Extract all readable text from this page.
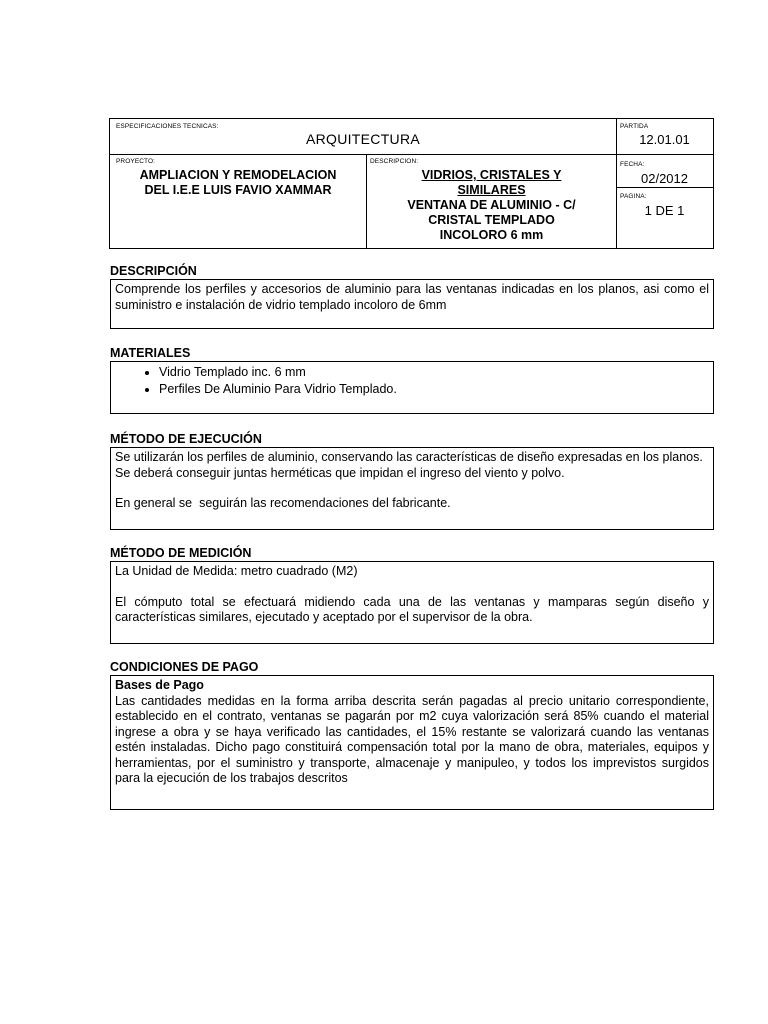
ESPECIFICACIONES TECNICAS:
ARQUITECTURA
PARTIDA
12.01.01
PROYECTO:
AMPLIACION Y REMODELACION
DEL I.E.E LUIS FAVIO XAMMAR
DESCRIPCION:
VIDRIOS, CRISTALES Y
SIMILARES
VENTANA DE ALUMINIO - C/
CRISTAL TEMPLADO
INCOLORO 6 mm
FECHA:
02/2012
PAGINA:
1 DE 1
DESCRIPCIÓN
Comprende los perfiles y accesorios de aluminio para las ventanas indicadas en los planos, asi como el suministro e instalación de vidrio templado incoloro de 6mm
MATERIALES
• Vidrio Templado inc. 6 mm
• Perfiles De Aluminio Para Vidrio Templado.
MÉTODO DE EJECUCIÓN
Se utilizarán los perfiles de aluminio, conservando las características de diseño expresadas en los planos. Se deberá conseguir juntas herméticas que impidan el ingreso del viento y polvo.
En general se  seguirán las recomendaciones del fabricante.
MÉTODO DE MEDICIÓN
La Unidad de Medida: metro cuadrado (M2)
El cómputo total se efectuará midiendo cada una de las ventanas y mamparas según diseño y características similares, ejecutado y aceptado por el supervisor de la obra.
CONDICIONES DE PAGO
Bases de Pago
Las cantidades medidas en la forma arriba descrita serán pagadas al precio unitario correspondiente, establecido en el contrato, ventanas se pagarán por m2 cuya valorización será 85% cuando el material ingrese a obra y se haya verificado las cantidades, el 15% restante se valorizará cuando las ventanas estén instaladas. Dicho pago constituirá compensación total por la mano de obra, materiales, equipos y herramientas, por el suministro y transporte, almacenaje y manipuleo, y todos los imprevistos surgidos para la ejecución de los trabajos descritos
